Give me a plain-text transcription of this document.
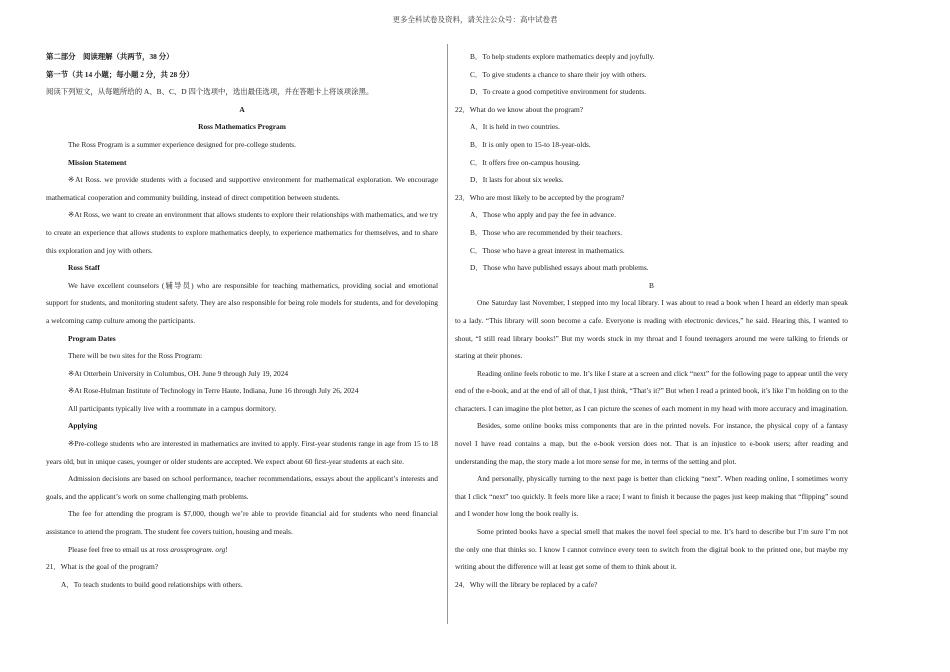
更多全科试卷及资料，请关注公众号：高中试卷君

第二部分　阅读理解（共两节，38 分）

第一节（共 14 小题；每小题 2 分，共 28 分）

阅读下列短文，从每题所给的 A、B、C、D 四个选项中，选出最佳选项，并在答题卡上将该项涂黑。

A

Ross Mathematics Program

The Ross Program is a summer experience designed for pre-college students.

Mission Statement

※At Ross. we provide students with a focused and supportive environment for mathematical exploration. We encourage mathematical cooperation and community building, instead of direct competition between students.

※At Ross, we want to create an environment that allows students to explore their relationships with mathematics, and we try to create an experience that allows students to explore mathematics deeply, to experience mathematics for themselves, and to share this exploration and joy with others.

Ross Staff

We have excellent counselors (辅导员) who are responsible for teaching mathematics, providing social and emotional support for students, and monitoring student safety. They are also responsible for being role models for students, and for developing a welcoming camp culture among the participants.

Program Dates

There will be two sites for the Ross Program:

※At Otterbein University in Columbus, OH. June 9 through July 19, 2024

※At Rose-Hulman Institute of Technology in Terre Haute, Indiana, June 16 through July 26, 2024

All participants typically live with a roommate in a campus dormitory.

Applying

※Pre-college students who are interested in mathematics are invited to apply. First-year students range in age from 15 to 18 years old, but in unique cases, younger or older students are accepted. We expect about 60 first-year students at each site.

Admission decisions are based on school performance, teacher recommendations, essays about the applicant’s interests and goals, and the applicant’s work on some challenging math problems.

The fee for attending the program is $7,000, though we’re able to provide financial aid for students who need financial assistance to attend the program. The student fee covers tuition, housing and meals.

Please feel free to email us at ross arossprogram. org!

21．What is the goal of the program?

A．To teach students to build good relationships with others.

B．To help students explore mathematics deeply and joyfully.

C．To give students a chance to share their joy with others.

D．To create a good competitive environment for students.

22．What do we know about the program?

A．It is held in two countries.

B．It is only open to 15-to 18-year-olds.

C．It offers free on-campus housing.

D．It lasts for about six weeks.

23．Who are most likely to be accepted by the program?

A．Those who apply and pay the fee in advance.

B．Those who are recommended by their teachers.

C．Those who have a great interest in mathematics.

D．Those who have published essays about math problems.

B

One Saturday last November, I stepped into my local library. I was about to read a book when I heard an elderly man speak to a lady. “This library will soon become a cafe. Everyone is reading with electronic devices,” he said. Hearing this, I wanted to shout, “I still read library books!” But my words stuck in my throat and I found teenagers around me were talking to friends or staring at their phones.

Reading online feels robotic to me. It’s like I stare at a screen and click “next” for the following page to appear until the very end of the e-book, and at the end of all of that, I just think, “That’s it?” But when I read a printed book, it’s like I’m holding on to the characters. I can imagine the plot better, as I can picture the scenes of each moment in my head with more accuracy and imagination.

Besides, some online books miss components that are in the printed novels. For instance, the physical copy of a fantasy novel I have read contains a map, but the e-book version does not. That is an injustice to e-book users; after reading and understanding the map, the story made a lot more sense for me, in terms of the setting and plot.

And personally, physically turning to the next page is better than clicking “next”. When reading online, I sometimes worry that I click “next” too quickly. It feels more like a race; I want to finish it because the pages just keep making that “flipping” sound and I wonder how long the book really is.

Some printed books have a special smell that makes the novel feel special to me. It’s hard to describe but I’m sure I’m not the only one that thinks so. I know I cannot convince every teen to switch from the digital book to the printed one, but maybe my writing about the difference will at least get some of them to think about it.

24．Why will the library be replaced by a cafe?
